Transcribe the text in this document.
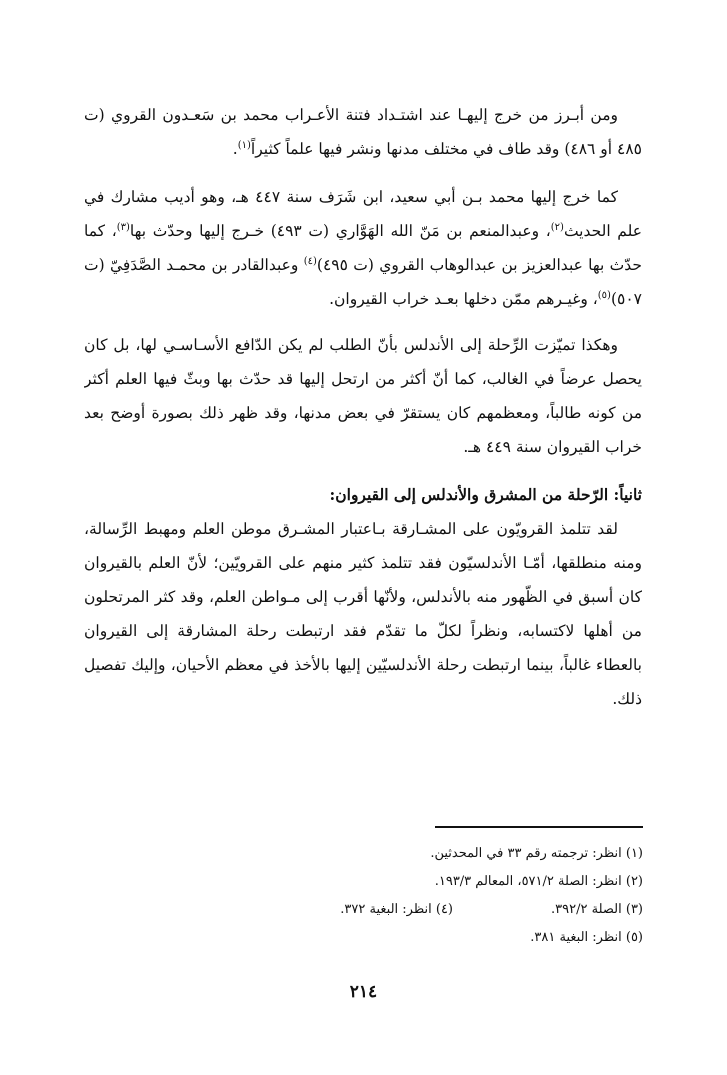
ومن أبـرز من خرج إليهـا عند اشتـداد فتنة الأعـراب محمد بن سَعـدون القروي (ت ٤٨٥ أو ٤٨٦) وقد طاف في مختلف مدنها ونشر فيها علماً كثيراً$^{(١)}$.

كما خرج إليها محمد بـن أبي سعيد، ابن شَرَف سنة ٤٤٧ هـ، وهو أديب مشارك في علم الحديث$^{(٢)}$، وعبدالمنعم بن مَنّ الله الهَوَّاري (ت ٤٩٣) خـرج إليها وحدّث بها$^{(٣)}$، كما حدّث بها عبدالعزيز بن عبدالوهاب القروي (ت ٤٩٥)$^{(٤)}$ وعبدالقادر بن محمـد الصَّدَفِيّ (ت ٥٠٧)$^{(٥)}$، وغيـرهم ممّن دخلها بعـد خراب القيروان.

وهكذا تميّزت الرِّحلة إلى الأندلس بأنّ الطلب لم يكن الدّافع الأسـاسـي لها، بل كان يحصل عرضاً في الغالب، كما أنّ أكثر من ارتحل إليها قد حدّث بها وبثّ فيها العلم أكثر من كونه طالباً، ومعظمهم كان يستقرّ في بعض مدنها، وقد ظهر ذلك بصورة أوضح بعد خراب القيروان سنة ٤٤٩ هـ.

ثانياً: الرّحلة من المشرق والأندلس إلى القيروان:

لقد تتلمذ القرويّون على المشـارقة بـاعتبار المشـرق موطن العلم ومهبط الرِّسالة، ومنه منطلقها، أمّـا الأندلسيّون فقد تتلمذ كثير منهم على القرويّين؛ لأنّ العلم بالقيروان كان أسبق في الظّهور منه بالأندلس، ولأنّها أقرب إلى مـواطن العلم، وقد كثر المرتحلون من أهلها لاكتسابه، ونظراً لكلّ ما تقدّم فقد ارتبطت رحلة المشارقة إلى القيروان بالعطاء غالباً، بينما ارتبطت رحلة الأندلسيّين إليها بالأخذ في معظم الأحيان، وإليك تفصيل ذلك.

(١) انظر: ترجمته رقم ٣٣ في المحدثين.
(٢) انظر: الصلة ٥٧١/٢، المعالم ١٩٣/٣.
(٣) الصلة ٣٩٢/٢.
(٤) انظر: البغية ٣٧٢.
(٥) انظر: البغية ٣٨١.
٢١٤
